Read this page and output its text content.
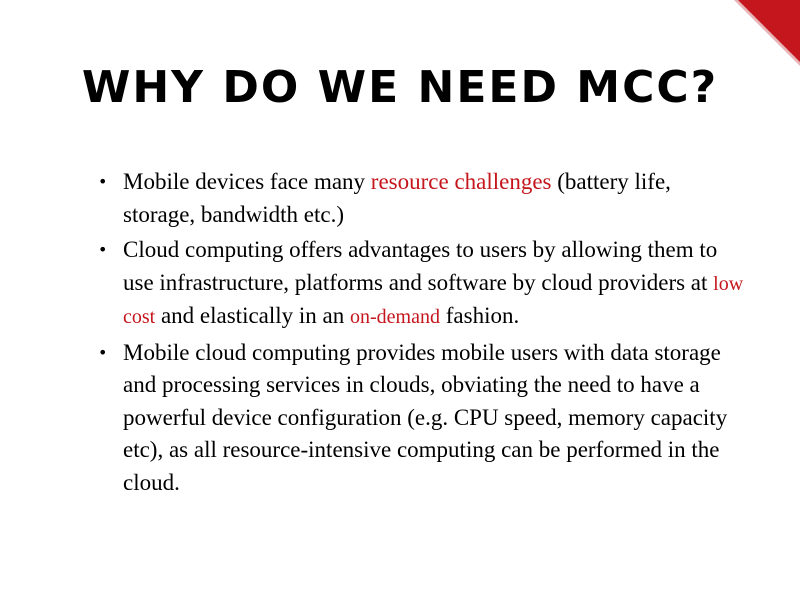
WHY DO WE NEED MCC?
• Mobile devices face many resource challenges (battery life, storage, bandwidth etc.)
• Cloud computing offers advantages to users by allowing them to use infrastructure, platforms and software by cloud providers at low cost and elastically in an on-demand fashion.
• Mobile cloud computing provides mobile users with data storage and processing services in clouds, obviating the need to have a powerful device configuration (e.g. CPU speed, memory capacity etc), as all resource-intensive computing can be performed in the cloud.
